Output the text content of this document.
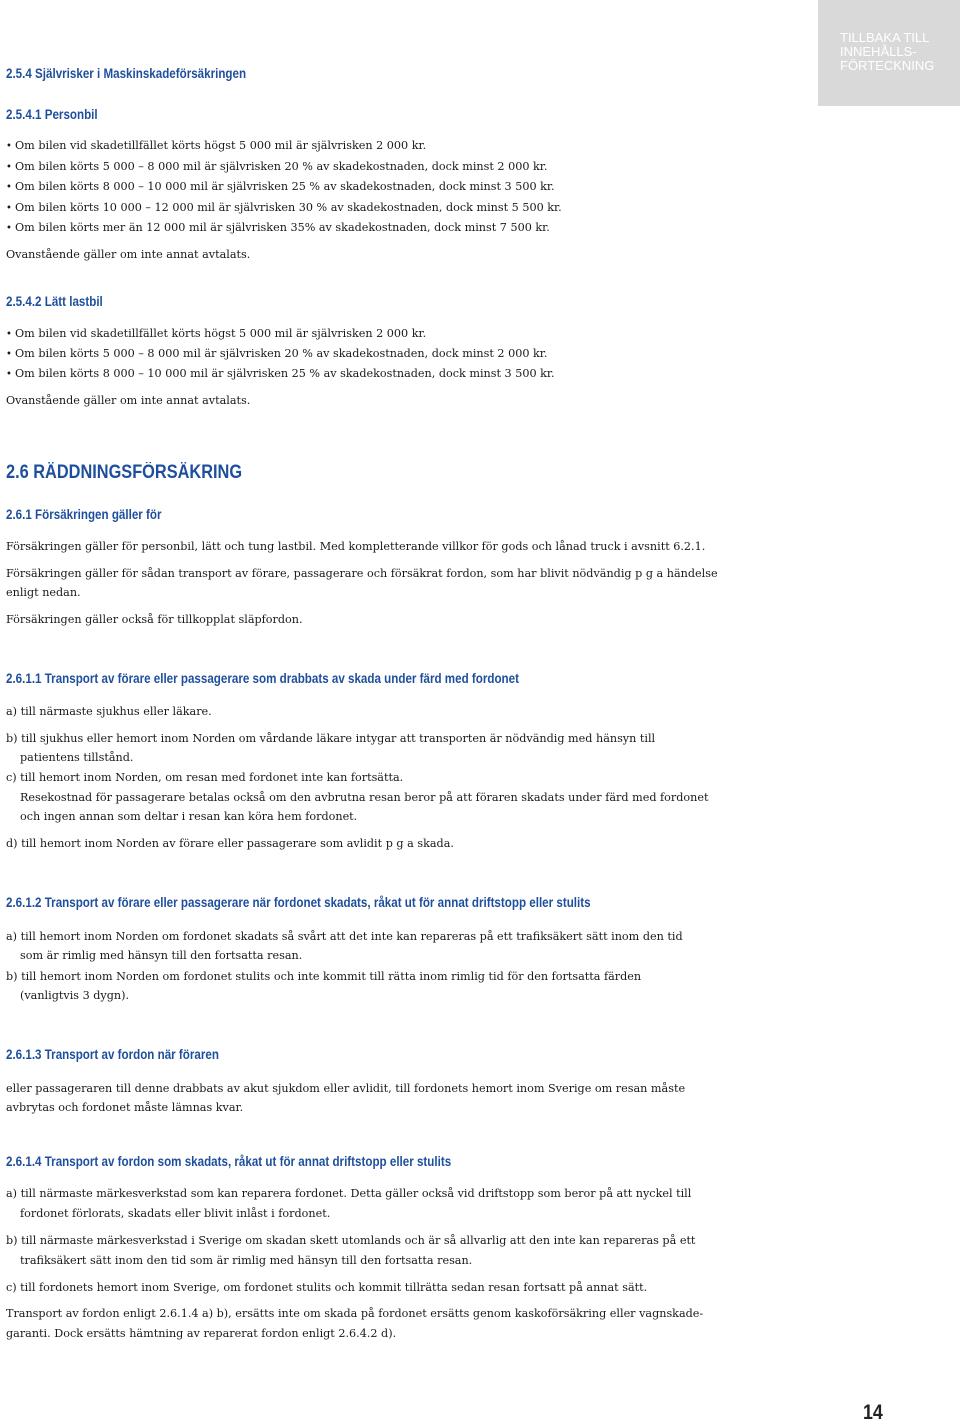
TILLBAKA TILL
INNEHÅLLS-
FÖRTECKNING
2.5.4 Självrisker i Maskinskadeförsäkringen
2.5.4.1 Personbil
• Om bilen vid skadetillfället körts högst 5 000 mil är självrisken 2 000 kr.
• Om bilen körts 5 000 – 8 000 mil är självrisken 20 % av skadekostnaden, dock minst 2 000 kr.
• Om bilen körts 8 000 – 10 000 mil är självrisken 25 % av skadekostnaden, dock minst 3 500 kr.
• Om bilen körts 10 000 – 12 000 mil är självrisken 30 % av skadekostnaden, dock minst 5 500 kr.
• Om bilen körts mer än 12 000 mil är självrisken 35% av skadekostnaden, dock minst 7 500 kr.
Ovanstående gäller om inte annat avtalats.
2.5.4.2 Lätt lastbil
• Om bilen vid skadetillfället körts högst 5 000 mil är självrisken 2 000 kr.
• Om bilen körts 5 000 – 8 000 mil är självrisken 20 % av skadekostnaden, dock minst 2 000 kr.
• Om bilen körts 8 000 – 10 000 mil är självrisken 25 % av skadekostnaden, dock minst 3 500 kr.
Ovanstående gäller om inte annat avtalats.
2.6 RÄDDNINGSFÖRSÄKRING
2.6.1 Försäkringen gäller för
Försäkringen gäller för personbil, lätt och tung lastbil. Med kompletterande villkor för gods och lånad truck i avsnitt 6.2.1.
Försäkringen gäller för sådan transport av förare, passagerare och försäkrat fordon, som har blivit nödvändig p g a händelse
enligt nedan.
Försäkringen gäller också för tillkopplat släpfordon.
2.6.1.1 Transport av förare eller passagerare som drabbats av skada under färd med fordonet
a) till närmaste sjukhus eller läkare.
b) till sjukhus eller hemort inom Norden om vårdande läkare intygar att transporten är nödvändig med hänsyn till
patientens tillstånd.
c) till hemort inom Norden, om resan med fordonet inte kan fortsätta.
Resekostnad för passagerare betalas också om den avbrutna resan beror på att föraren skadats under färd med fordonet
och ingen annan som deltar i resan kan köra hem fordonet.
d) till hemort inom Norden av förare eller passagerare som avlidit p g a skada.
2.6.1.2 Transport av förare eller passagerare när fordonet skadats, råkat ut för annat driftstopp eller stulits
a) till hemort inom Norden om fordonet skadats så svårt att det inte kan repareras på ett trafiksäkert sätt inom den tid
som är rimlig med hänsyn till den fortsatta resan.
b) till hemort inom Norden om fordonet stulits och inte kommit till rätta inom rimlig tid för den fortsatta färden
(vanligtvis 3 dygn).
2.6.1.3 Transport av fordon när föraren
eller passageraren till denne drabbats av akut sjukdom eller avlidit, till fordonets hemort inom Sverige om resan måste
avbrytas och fordonet måste lämnas kvar.
2.6.1.4 Transport av fordon som skadats, råkat ut för annat driftstopp eller stulits
a) till närmaste märkesverkstad som kan reparera fordonet. Detta gäller också vid driftstopp som beror på att nyckel till
fordonet förlorats, skadats eller blivit inlåst i fordonet.
b) till närmaste märkesverkstad i Sverige om skadan skett utomlands och är så allvarlig att den inte kan repareras på ett
trafiksäkert sätt inom den tid som är rimlig med hänsyn till den fortsatta resan.
c) till fordonets hemort inom Sverige, om fordonet stulits och kommit tillrätta sedan resan fortsatt på annat sätt.
Transport av fordon enligt 2.6.1.4 a) b), ersätts inte om skada på fordonet ersätts genom kaskoförsäkring eller vagnskade-
garanti. Dock ersätts hämtning av reparerat fordon enligt 2.6.4.2 d).
14
